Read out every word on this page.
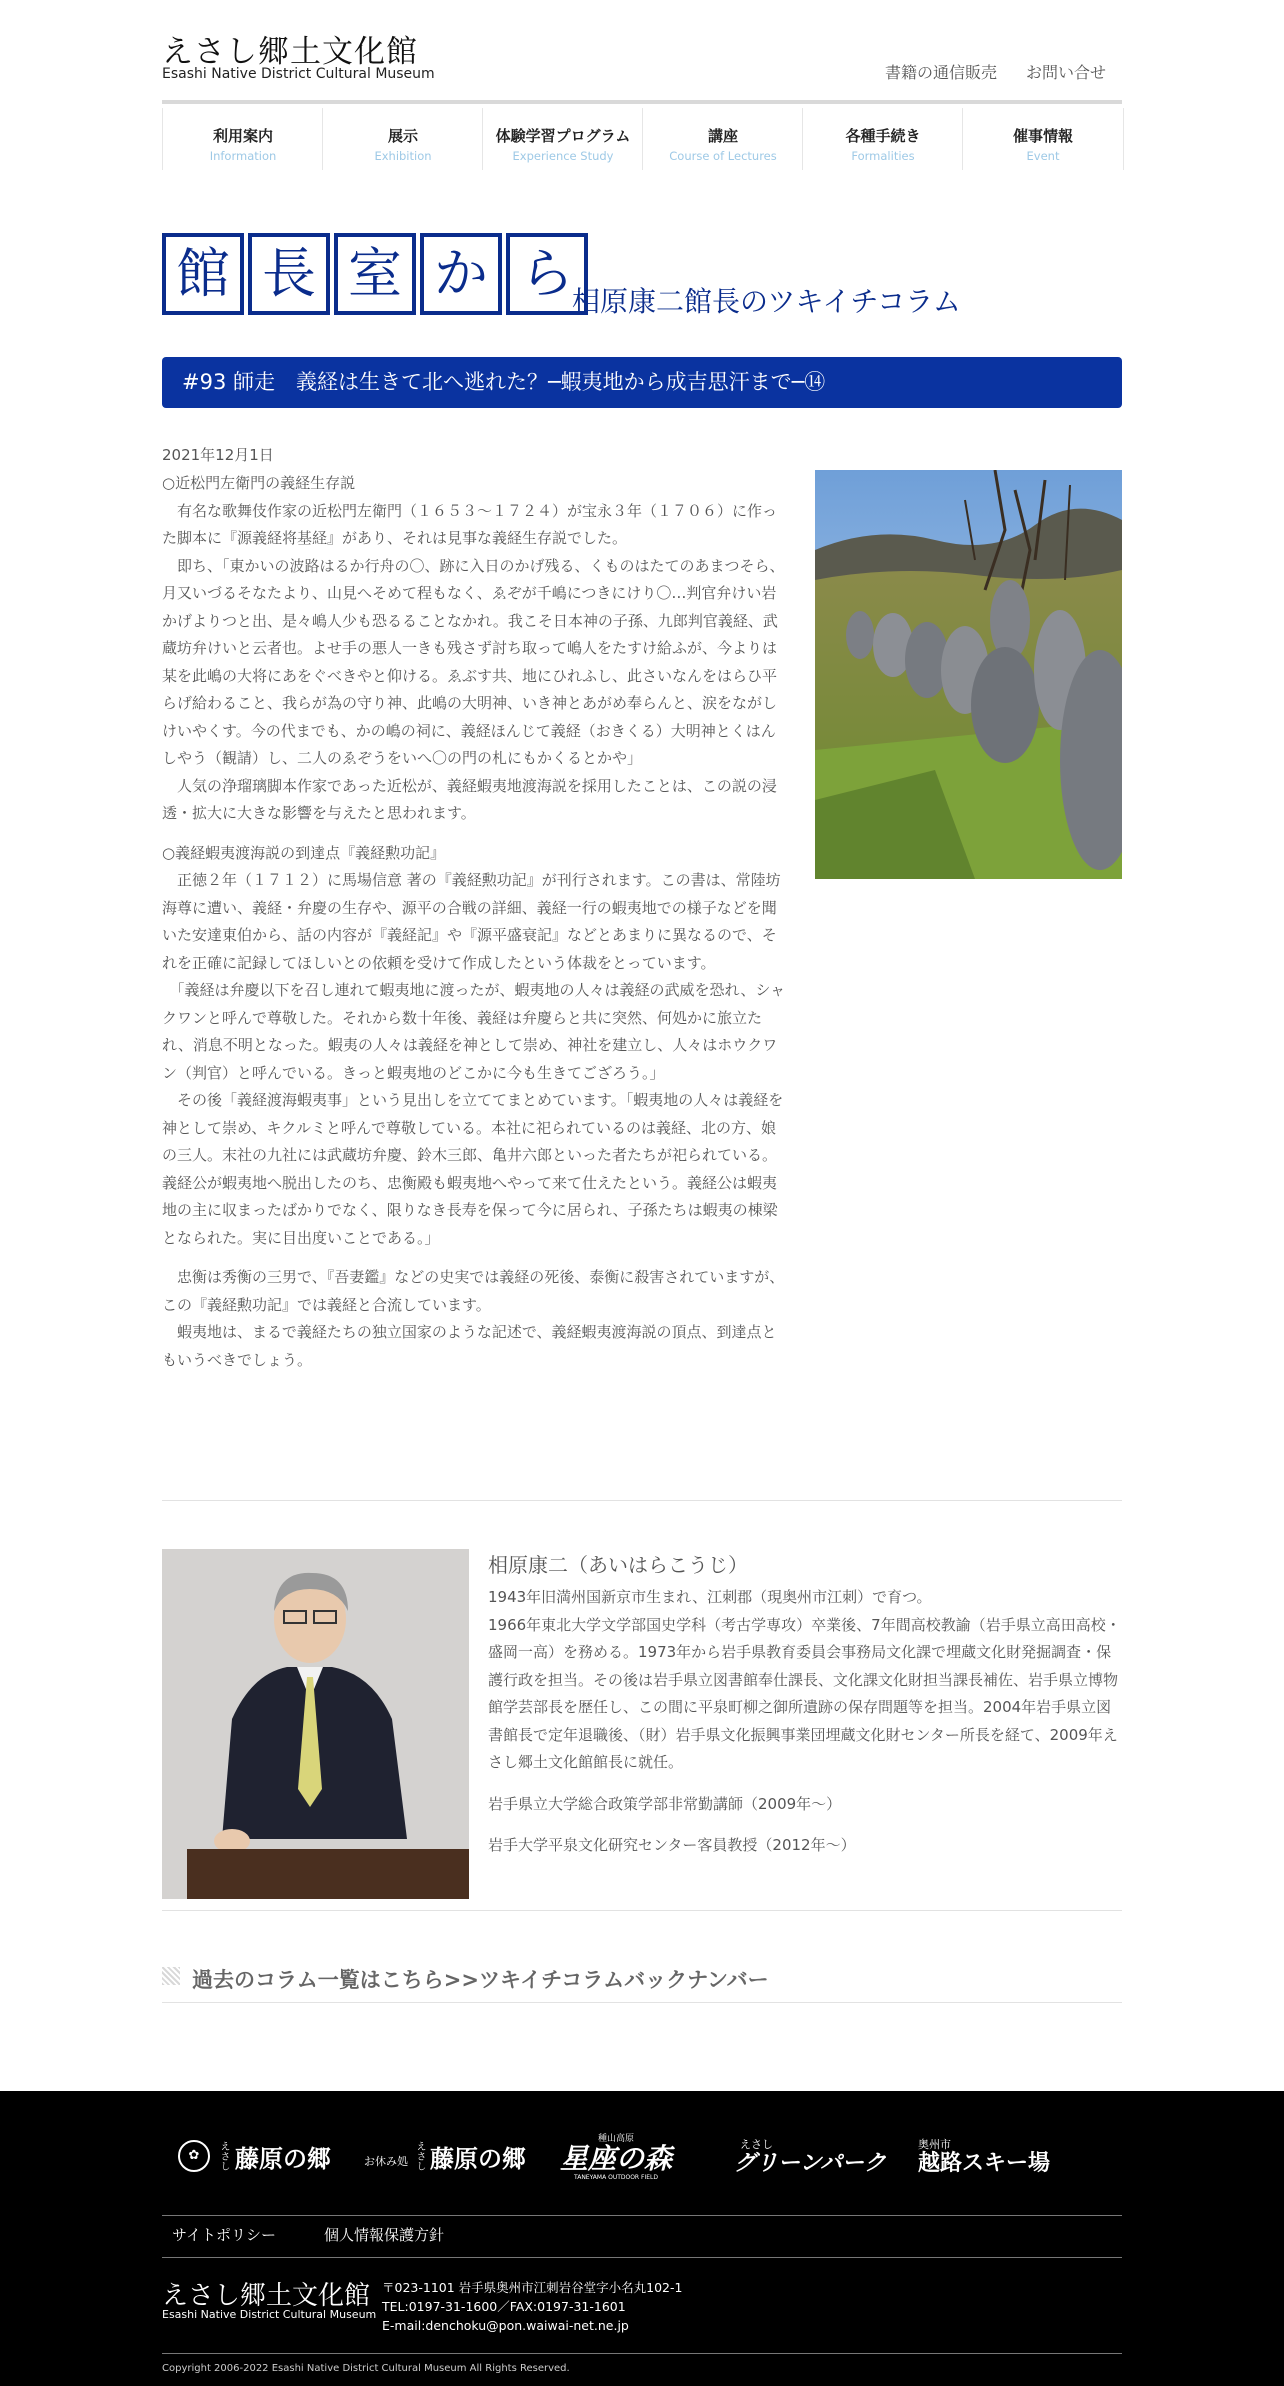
えさし郷土文化館
Esashi Native District Cultural Museum	書籍の通信販売 お問い合せ
利用案内
Information
展示
Exhibition
体験学習プログラム
Experience Study
講座
Course of Lectures
各種手続き
Formalities
催事情報
Event
館 長 室 か ら
相原康二館長のツキイチコラム
#93 師走　義経は生きて北へ逃れた？─蝦夷地から成吉思汗まで─⑭
2021年12月1日

○近松門左衛門の義経生存説

　有名な歌舞伎作家の近松門左衛門（１６５３～１７２４）が宝永３年（１７０６）に作った脚本に『源義経将基経』があり、それは見事な義経生存説でした。

　即ち、「東かいの波路はるか行舟の〇、跡に入日のかげ残る、くものはたてのあまつそら、月又いづるそなたより、山見へそめて程もなく、ゑぞが千嶋につきにけり〇…判官弁けい岩かげよりつと出、是々嶋人少も恐るることなかれ。我こそ日本神の子孫、九郎判官義経、武蔵坊弁けいと云者也。よせ手の悪人一きも残さず討ち取って嶋人をたすけ給ふが、今よりは某を此嶋の大将にあをぐべきやと仰ける。ゑぶす共、地にひれふし、此さいなんをはらひ平らげ給わること、我らが為の守り神、此嶋の大明神、いき神とあがめ奉らんと、涙をながしけいやくす。今の代までも、かの嶋の祠に、義経ほんじて義経（おきくる）大明神とくはんしやう（観請）し、二人のゑぞうをいへ〇の門の札にもかくるとかや」

　人気の浄瑠璃脚本作家であった近松が、義経蝦夷地渡海説を採用したことは、この説の浸透・拡大に大きな影響を与えたと思われます。

○義経蝦夷渡海説の到達点『義経勲功記』

　正徳２年（１７１２）に馬場信意 著の『義経勲功記』が刊行されます。この書は、常陸坊海尊に遭い、義経・弁慶の生存や、源平の合戦の詳細、義経一行の蝦夷地での様子などを聞いた安達東伯から、話の内容が『義経記』や『源平盛衰記』などとあまりに異なるので、それを正確に記録してほしいとの依頼を受けて作成したという体裁をとっています。

　「義経は弁慶以下を召し連れて蝦夷地に渡ったが、蝦夷地の人々は義経の武威を恐れ、シャクワンと呼んで尊敬した。それから数十年後、義経は弁慶らと共に突然、何処かに旅立たれ、消息不明となった。蝦夷の人々は義経を神として崇め、神社を建立し、人々はホウクワン（判官）と呼んでいる。きっと蝦夷地のどこかに今も生きてござろう。」

　その後「義経渡海蝦夷事」という見出しを立ててまとめています。「蝦夷地の人々は義経を神として崇め、キクルミと呼んで尊敬している。本社に祀られているのは義経、北の方、娘の三人。末社の九社には武蔵坊弁慶、鈴木三郎、亀井六郎といった者たちが祀られている。義経公が蝦夷地へ脱出したのち、忠衡殿も蝦夷地へやって来て仕えたという。義経公は蝦夷地の主に収まったばかりでなく、限りなき長寿を保って今に居られ、子孫たちは蝦夷の棟梁となられた。実に目出度いことである。」

　忠衡は秀衡の三男で、『吾妻鑑』などの史実では義経の死後、泰衡に殺害されていますが、この『義経勲功記』では義経と合流しています。

　蝦夷地は、まるで義経たちの独立国家のような記述で、義経蝦夷渡海説の頂点、到達点ともいうべきでしょう。

相原康二（あいはらこうじ）

1943年旧満州国新京市生まれ、江刺郡（現奥州市江刺）で育つ。

1966年東北大学文学部国史学科（考古学専攻）卒業後、7年間高校教諭（岩手県立高田高校・盛岡一高）を務める。1973年から岩手県教育委員会事務局文化課で埋蔵文化財発掘調査・保護行政を担当。その後は岩手県立図書館奉仕課長、文化課文化財担当課長補佐、岩手県立博物館学芸部長を歴任し、この間に平泉町柳之御所遺跡の保存問題等を担当。2004年岩手県立図書館長で定年退職後、（財）岩手県文化振興事業団埋蔵文化財センター所長を経て、2009年えさし郷土文化館館長に就任。

岩手県立大学総合政策学部非常勤講師（2009年〜）

岩手大学平泉文化研究センター客員教授（2012年〜）

過去のコラム一覧はこちら>>ツキイチコラムバックナンバー
✿	えさし 藤原の郷	お休み処 えさし 藤原の郷
種山高原
星座の森
TANEYAMA OUTDOOR FIELD
えさし
グリーンパーク
奥州市
越路スキー場
サイトポリシー	個人情報保護方針
えさし郷土文化館
Esashi Native District Cultural Museum
〒023-1101 岩手県奥州市江刺岩谷堂字小名丸102-1
TEL:0197-31-1600／FAX:0197-31-1601
E-mail:denchoku@pon.waiwai-net.ne.jp
Copyright 2006-2022 Esashi Native District Cultural Museum All Rights Reserved.
